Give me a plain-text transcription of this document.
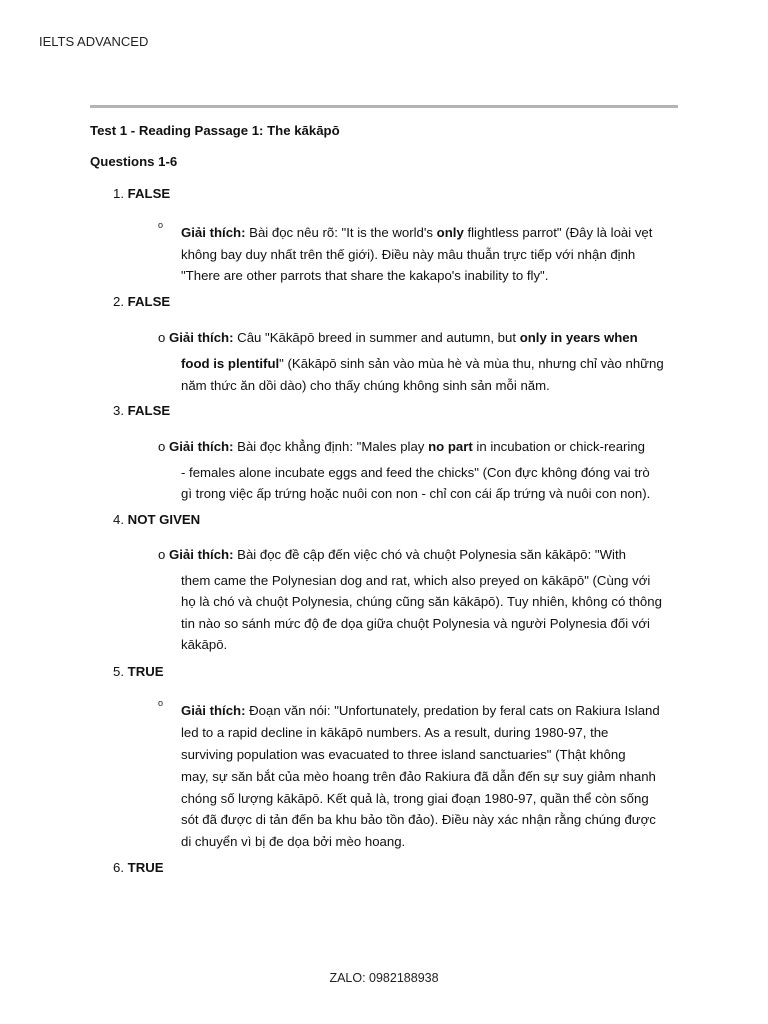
IELTS ADVANCED
Test 1 - Reading Passage 1: The kākāpō
Questions 1-6
1. FALSE
o Giải thích: Bài đọc nêu rõ: "It is the world's only flightless parrot" (Đây là loài vẹt
không bay duy nhất trên thế giới). Điều này mâu thuẫn trực tiếp với nhận định
"There are other parrots that share the kakapo's inability to fly".
2. FALSE
o Giải thích: Câu "Kākāpō breed in summer and autumn, but only in years when
food is plentiful" (Kākāpō sinh sản vào mùa hè và mùa thu, nhưng chỉ vào những
năm thức ăn dồi dào) cho thấy chúng không sinh sản mỗi năm.
3. FALSE
o Giải thích: Bài đọc khẳng định: "Males play no part in incubation or chick-rearing
- females alone incubate eggs and feed the chicks" (Con đực không đóng vai trò
gì trong việc ấp trứng hoặc nuôi con non - chỉ con cái ấp trứng và nuôi con non).
4. NOT GIVEN
o Giải thích: Bài đọc đề cập đến việc chó và chuột Polynesia săn kākāpō: "With
them came the Polynesian dog and rat, which also preyed on kākāpō" (Cùng với
họ là chó và chuột Polynesia, chúng cũng săn kākāpō). Tuy nhiên, không có thông
tin nào so sánh mức độ đe dọa giữa chuột Polynesia và người Polynesia đối với
kākāpō.
5. TRUE
o Giải thích: Đoạn văn nói: "Unfortunately, predation by feral cats on Rakiura Island
led to a rapid decline in kākāpō numbers. As a result, during 1980-97, the
surviving population was evacuated to three island sanctuaries" (Thật không
may, sự săn bắt của mèo hoang trên đảo Rakiura đã dẫn đến sự suy giảm nhanh
chóng số lượng kākāpō. Kết quả là, trong giai đoạn 1980-97, quần thể còn sống
sót đã được di tản đến ba khu bảo tồn đảo). Điều này xác nhận rằng chúng được
di chuyển vì bị đe dọa bởi mèo hoang.
6. TRUE
ZALO: 0982188938
